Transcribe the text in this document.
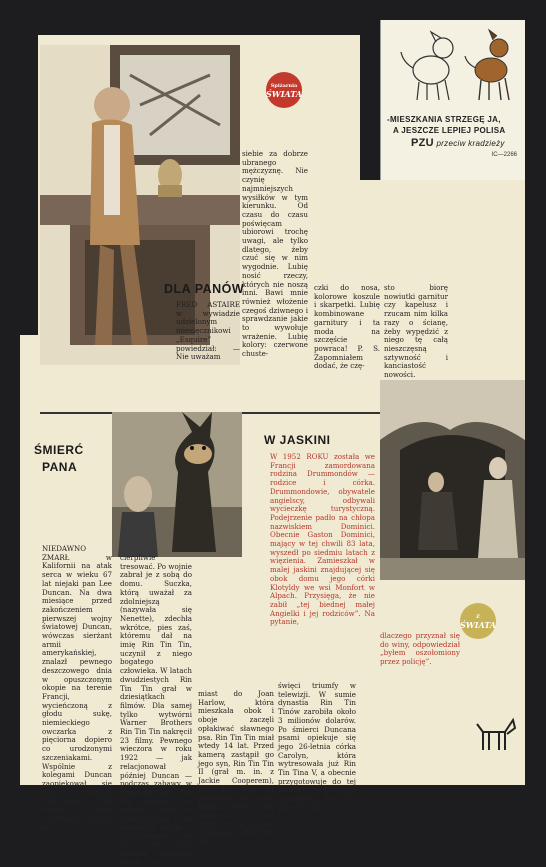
-MIESZKANIA STRZEGĘ JA,
A JESZCZE LEPIEJ POLISA
PZU przeciw kradzieży
IC—2266
Spiżarnia
ŚWIATA
siebie za dobrze ubranego mężczyznę. Nie czynię najmniejszych wysiłków w tym kierunku. Od czasu do czasu poświęcam ubiorowi trochę uwagi, ale tylko dlatego, żeby czuć się w nim wygodnie. Lubię nosić rzeczy, których nie noszą inni. Bawi mnie również włożenie czegoś dziwnego i sprawdzanie jakie to wywołuje wrażenie. Lubię kolory: czerwone chuste-
DLA PANÓW
FRED ASTAIRE w wywiadzie udzielonym miesięcznikowi „Esquire” powiedział: — Nie uważam
czki do nosa, kolorowe koszule i skarpetki. Lubię kombinowane garnitury i ta moda na szczęście powraca! P. S. Zapomniałem dodać, że czę-
sto biorę nowiutki garnitur czy kapelusz i rzucam nim kilka razy o ścianę, żeby wypędzić z niego tę całą nieszczęsną sztywność i kanciastość nowości.
ŚMIERĆ
PANA
NIEDAWNO ZMARŁ w Kalifornii na atak serca w wieku 67 lat niejaki pan Lee Duncan. Na dwa miesiące przed zakończeniem pierwszej wojny światowej Duncan, wówczas sierżant armii amerykańskiej, znalazł pewnego deszczowego dnia w opuszczonym okopie na terenie Francji, wycieńczoną z głodu sukę, niemieckiego owczarka z pięciorna dopiero co urodzonymi szczeniakami. Wspólnie z kolegami Duncan zaopiekował się psią rodziną, zatrzymując dla siebie dwa szczeniaki. Zaczął je
cierpliwie tresować. Po wojnie zabrał je z sobą do domu. Suczka, którą uważał za zdolniejszą (nazywała się Nenette), zdechła wkrótce, pies zaś, któremu dał na imię Rin Tin Tin, uczynił z niego bogatego człowieka. W latach dwudziestych Rin Tin Tin grał w dziesiątkach filmów. Dla samej tylko wytwórni Warner Brothers Rin Tin Tin nakręcił 23 filmy. Pewnego wieczora w roku 1922 — jak relacjonował później Duncan — podczas zabawy w trawniku Rin Tin Tin skoczył w pewnej chwili w ramiona pana i ten stwierdził nagle z przerażeniem, że pies nie żyje. Duncan zadzwonił wtedy „natych-
miast do Joan Harlow, która mieszkała obok i oboje zaczęli opłakiwać sławnego psa. Rin Tin Tin miał wtedy 14 lat. Przed kamerą zastąpił go jego syn, Rin Tin Tin II (grał m. in. z Jackie Cooperem), Rin Tin Tin III podobnie jak jego babka, został psem wojskowym i brał udział w II wojnie światowej. Rin Tin Tin IV
święci triumfy w telewizji. W sumie dynastia Rin Tin Tinów zarobiła około 3 milionów dolarów. Po śmierci Duncana psami opiekuje się jego 26-letnia córka Carolyn, która wytresowała już Rin Tin Tina V, a obecnie przygotowuje do tej trudnej roli dwa szczeniaki Rin Tin Tina VI i VII.
W JASKINI
W 1952 ROKU została we Francji zamordowana rodzina Drummondów — rodzice i córka. Drummondowie, obywatele angielscy, odbywali wycieczkę turystyczną. Podejrzenie padło na chłopa nazwiskiem Dominici. Obecnie Gaston Dominici, mający w tej chwili 83 lata, wyszedł po siedmiu latach z więzienia. Zamieszkał w malej jaskini znajdującej się obok domu jego córki Klotyldy we wsi Monfort w Alpach. Przysięga, że nie zabił „tej biednej małej Angielki i jej rodziców”. Na pytanie,
dlaczego przyznał się do winy, odpowiedział „byłem oszołomiony przez policję”.
Z
ŚWIATA
